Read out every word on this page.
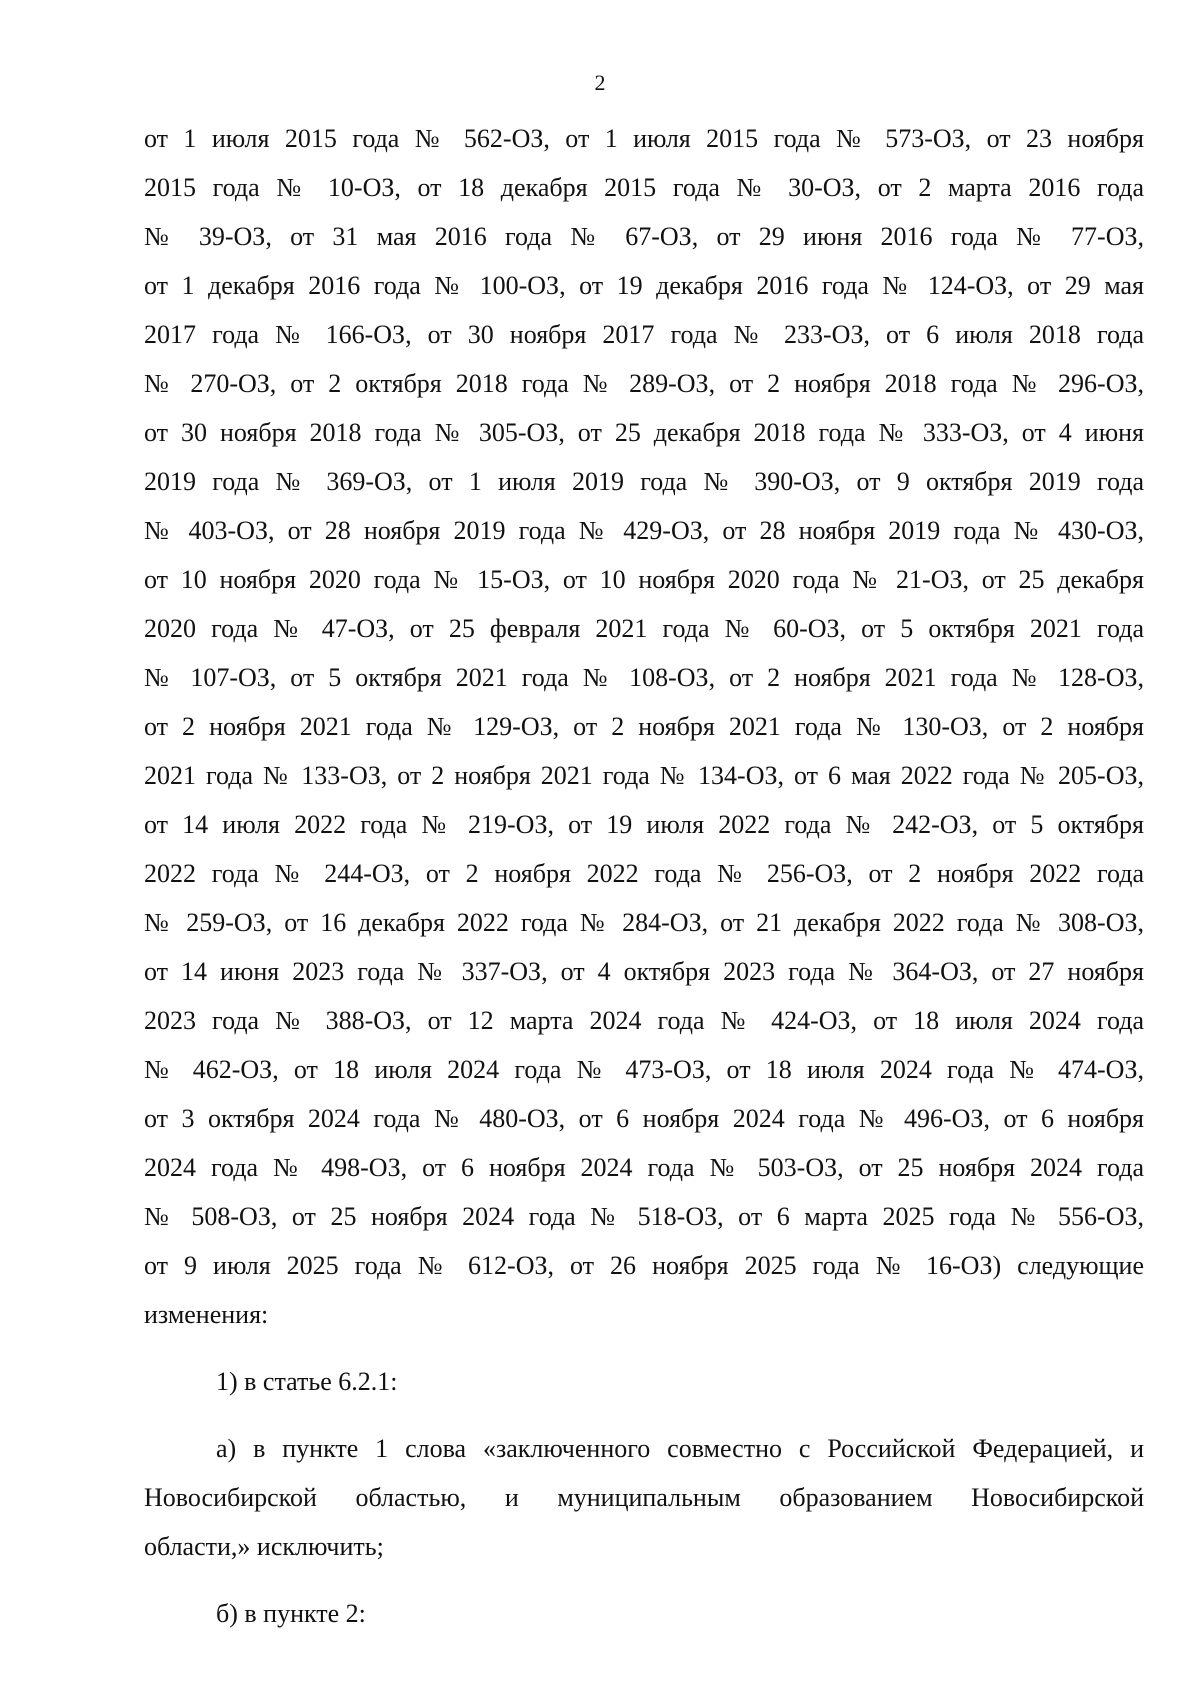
2
от 1 июля 2015 года № 562-ОЗ, от 1 июля 2015 года № 573-ОЗ, от 23 ноября
2015 года № 10-ОЗ, от 18 декабря 2015 года № 30-ОЗ, от 2 марта 2016 года
№ 39-ОЗ, от 31 мая 2016 года № 67-ОЗ, от 29 июня 2016 года № 77-ОЗ,
от 1 декабря 2016 года № 100-ОЗ, от 19 декабря 2016 года № 124-ОЗ, от 29 мая
2017 года № 166-ОЗ, от 30 ноября 2017 года № 233-ОЗ, от 6 июля 2018 года
№ 270-ОЗ, от 2 октября 2018 года № 289-ОЗ, от 2 ноября 2018 года № 296-ОЗ,
от 30 ноября 2018 года № 305-ОЗ, от 25 декабря 2018 года № 333-ОЗ, от 4 июня
2019 года № 369-ОЗ, от 1 июля 2019 года № 390-ОЗ, от 9 октября 2019 года
№ 403-ОЗ, от 28 ноября 2019 года № 429-ОЗ, от 28 ноября 2019 года № 430-ОЗ,
от 10 ноября 2020 года № 15-ОЗ, от 10 ноября 2020 года № 21-ОЗ, от 25 декабря
2020 года № 47-ОЗ, от 25 февраля 2021 года № 60-ОЗ, от 5 октября 2021 года
№ 107-ОЗ, от 5 октября 2021 года № 108-ОЗ, от 2 ноября 2021 года № 128-ОЗ,
от 2 ноября 2021 года № 129-ОЗ, от 2 ноября 2021 года № 130-ОЗ, от 2 ноября
2021 года № 133-ОЗ, от 2 ноября 2021 года № 134-ОЗ, от 6 мая 2022 года № 205-ОЗ,
от 14 июля 2022 года № 219-ОЗ, от 19 июля 2022 года № 242-ОЗ, от 5 октября
2022 года № 244-ОЗ, от 2 ноября 2022 года № 256-ОЗ, от 2 ноября 2022 года
№ 259-ОЗ, от 16 декабря 2022 года № 284-ОЗ, от 21 декабря 2022 года № 308-ОЗ,
от 14 июня 2023 года № 337-ОЗ, от 4 октября 2023 года № 364-ОЗ, от 27 ноября
2023 года № 388-ОЗ, от 12 марта 2024 года № 424-ОЗ, от 18 июля 2024 года
№ 462-ОЗ, от 18 июля 2024 года № 473-ОЗ, от 18 июля 2024 года № 474-ОЗ,
от 3 октября 2024 года № 480-ОЗ, от 6 ноября 2024 года № 496-ОЗ, от 6 ноября
2024 года № 498-ОЗ, от 6 ноября 2024 года № 503-ОЗ, от 25 ноября 2024 года
№ 508-ОЗ, от 25 ноября 2024 года № 518-ОЗ, от 6 марта 2025 года № 556-ОЗ,
от 9 июля 2025 года № 612-ОЗ, от 26 ноября 2025 года № 16-ОЗ) следующие
изменения:
1) в статье 6.2.1:
а) в пункте 1 слова «заключенного совместно с Российской Федерацией, и
Новосибирской областью, и муниципальным образованием Новосибирской
области,» исключить;
б) в пункте 2:
